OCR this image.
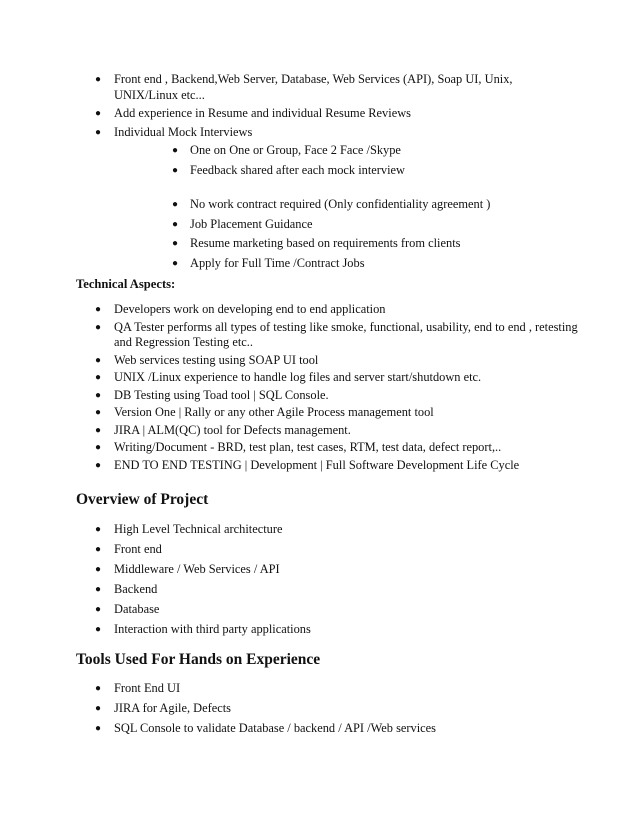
● Front end , Backend,Web Server, Database, Web Services (API), Soap UI, Unix, UNIX/Linux etc...
● Add experience in Resume and individual Resume Reviews
● Individual Mock Interviews
● One on One or Group, Face 2 Face /Skype
● Feedback shared after each mock interview
● No work contract required (Only confidentiality agreement )
● Job Placement Guidance
● Resume marketing based on requirements from clients
● Apply for Full Time /Contract Jobs
Technical Aspects:
● Developers work on developing end to end application
● QA Tester performs all types of testing like smoke, functional, usability, end to end , retesting and Regression Testing etc..
● Web services testing using SOAP UI tool
● UNIX /Linux experience to handle log files and server start/shutdown etc.
● DB Testing using Toad tool | SQL Console.
● Version One | Rally or any other Agile Process management tool
● JIRA | ALM(QC) tool for Defects management.
● Writing/Document - BRD, test plan, test cases, RTM, test data, defect report,..
● END TO END TESTING | Development | Full Software Development Life Cycle
Overview of Project
● High Level Technical architecture
● Front end
● Middleware / Web Services / API
● Backend
● Database
● Interaction with third party applications
Tools Used For Hands on Experience
● Front End UI
● JIRA for Agile, Defects
● SQL Console to validate Database / backend / API /Web services
